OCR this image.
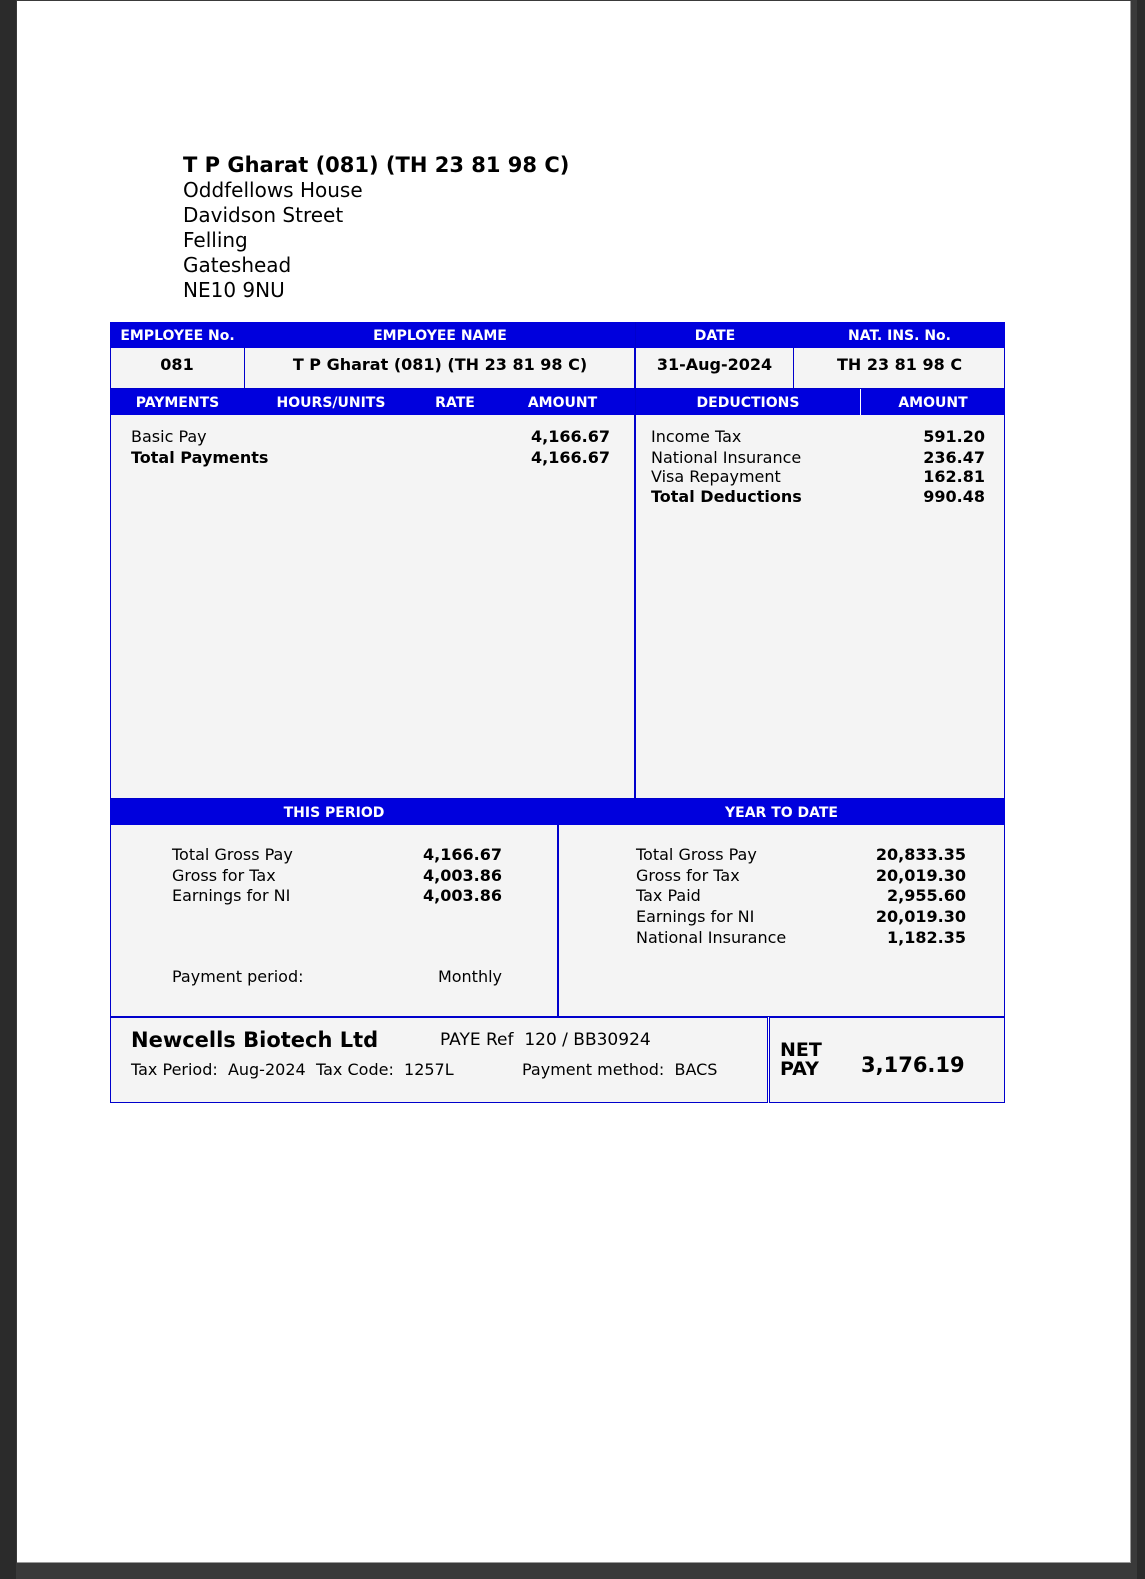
T P Gharat (081) (TH 23 81 98 C)
Oddfellows House
Davidson Street
Felling
Gateshead
NE10 9NU
EMPLOYEE No.	EMPLOYEE NAME	DATE	NAT. INS. No.
081	T P Gharat (081) (TH 23 81 98 C)	31-Aug-2024	TH 23 81 98 C
PAYMENTS	HOURS/UNITS	RATE	AMOUNT	DEDUCTIONS	AMOUNT
Basic Pay	4,166.67
Total Payments	4,166.67
Income Tax	591.20
National Insurance	236.47
Visa Repayment	162.81
Total Deductions	990.48
THIS PERIOD	YEAR TO DATE
Total Gross Pay	4,166.67
Gross for Tax	4,003.86
Earnings for NI	4,003.86
Payment period:	Monthly
Total Gross Pay	20,833.35
Gross for Tax	20,019.30
Tax Paid	2,955.60
Earnings for NI	20,019.30
National Insurance	1,182.35
Newcells Biotech Ltd	PAYE Ref 120 / BB30924
Tax Period: Aug-2024 Tax Code: 1257L	Payment method: BACS
NET
PAY 3,176.19
